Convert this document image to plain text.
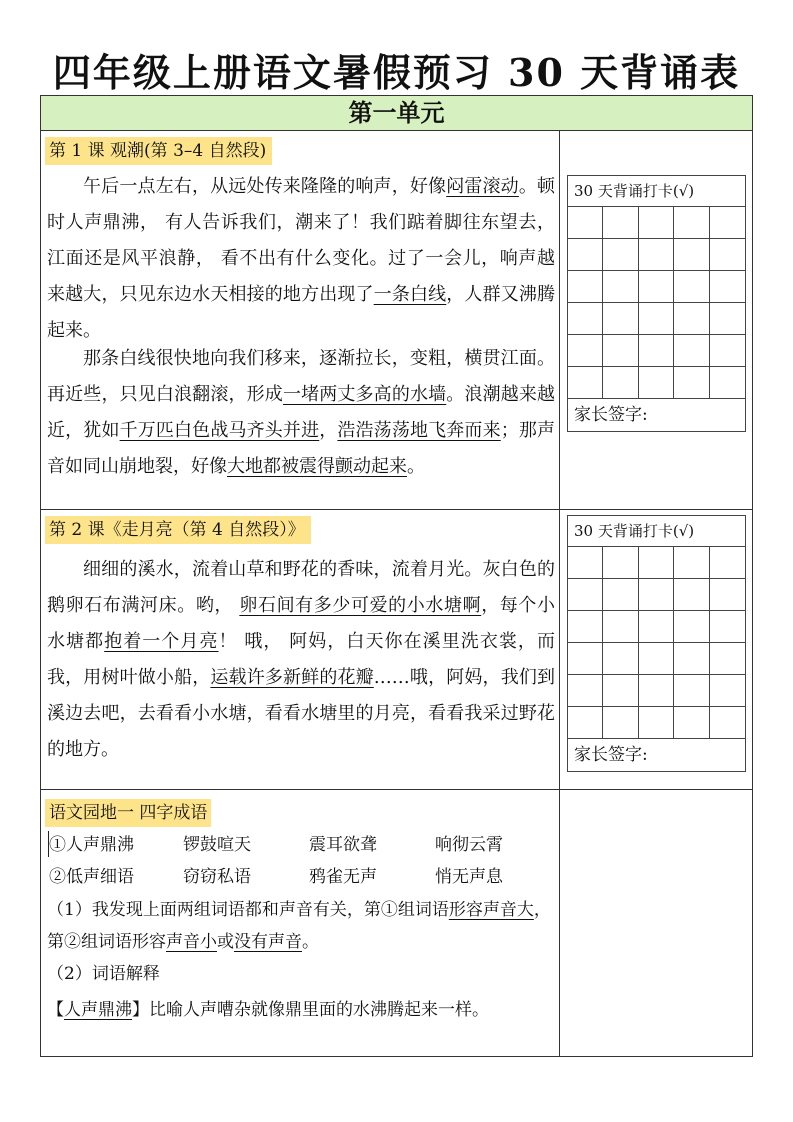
四年级上册语文暑假预习 30 天背诵表
第一单元
第 1 课 观潮(第 3–4 自然段)

午后一点左右，从远处传来隆隆的响声，好像闷雷滚动。顿时人声鼎沸， 有人告诉我们，潮来了！我们踮着脚往东望去，江面还是风平浪静， 看不出有什么变化。过了一会儿，响声越来越大，只见东边水天相接的地方出现了一条白线，人群又沸腾起来。

那条白线很快地向我们移来，逐渐拉长，变粗，横贯江面。再近些，只见白浪翻滚，形成一堵两丈多高的水墙。浪潮越来越近，犹如千万匹白色战马齐头并进，浩浩荡荡地飞奔而来；那声音如同山崩地裂，好像大地都被震得颤动起来。

30 天背诵打卡(√)
家长签字:
第 2 课《走月亮（第 4 自然段）》

细细的溪水，流着山草和野花的香味，流着月光。灰白色的鹅卵石布满河床。哟， 卵石间有多少可爱的小水塘啊，每个小水塘都抱着一个月亮！ 哦， 阿妈，白天你在溪里洗衣裳，而我，用树叶做小船，运载许多新鲜的花瓣……哦，阿妈，我们到溪边去吧，去看看小水塘，看看水塘里的月亮，看看我采过野花的地方。

30 天背诵打卡(√)
家长签字:
语文园地一 四字成语
①人声鼎沸	锣鼓喧天	震耳欲聋	响彻云霄
②低声细语	窃窃私语	鸦雀无声	悄无声息

（1）我发现上面两组词语都和声音有关，第①组词语形容声音大，第②组词语形容声音小或没有声音。

（2）词语解释

【人声鼎沸】比喻人声嘈杂就像鼎里面的水沸腾起来一样。
